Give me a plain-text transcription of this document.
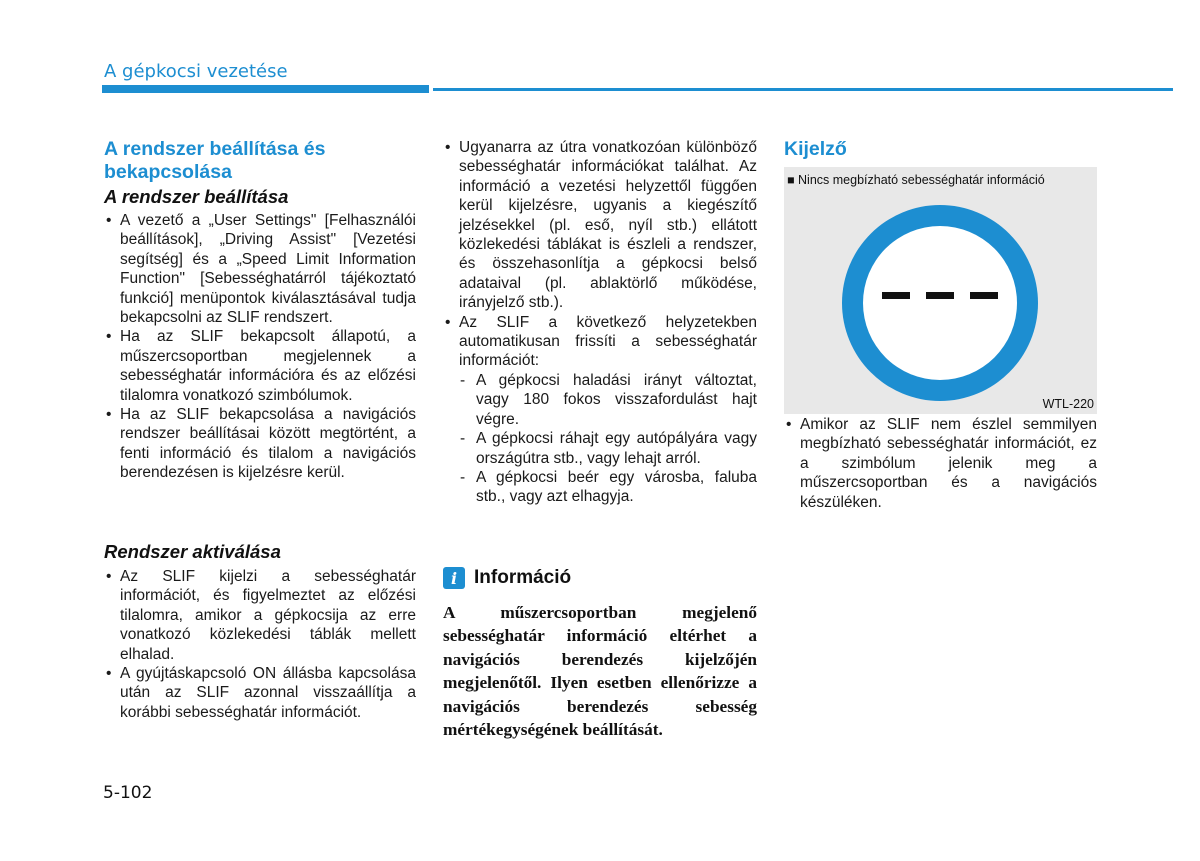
A gépkocsi vezetése
A rendszer beállítása és bekapcsolása
A rendszer beállítása
• A vezető a „User Settings" [Felhasználói beállítások], „Driving Assist" [Vezetési segítség] és a „Speed Limit Information Function" [Sebességhatárról tájékoztató funkció] menüpontok kiválasztásával tudja bekapcsolni az SLIF rendszert.
• Ha az SLIF bekapcsolt állapotú, a műszercsoportban megjelennek a sebességhatár információra és az előzési tilalomra vonatkozó szimbólumok.
• Ha az SLIF bekapcsolása a navigációs rendszer beállításai között megtörtént, a fenti információ és tilalom a navigációs berendezésen is kijelzésre kerül.
Rendszer aktiválása
• Az SLIF kijelzi a sebességhatár információt, és figyelmeztet az előzési tilalomra, amikor a gépkocsija az erre vonatkozó közlekedési táblák mellett elhalad.
• A gyújtáskapcsoló ON állásba kapcsolása után az SLIF azonnal visszaállítja a korábbi sebességhatár információt.
• Ugyanarra az útra vonatkozóan különböző sebességhatár információkat találhat. Az információ a vezetési helyzettől függően kerül kijelzésre, ugyanis a kiegészítő jelzésekkel (pl. eső, nyíl stb.) ellátott közlekedési táblákat is észleli a rendszer, és összehasonlítja a gépkocsi belső adataival (pl. ablaktörlő működése, irányjelző stb.).
• Az SLIF a következő helyzetekben automatikusan frissíti a sebességhatár információt:
- A gépkocsi haladási irányt változtat, vagy 180 fokos visszafordulást hajt végre.
- A gépkocsi ráhajt egy autópályára vagy országútra stb., vagy lehajt arról.
- A gépkocsi beér egy városba, faluba stb., vagy azt elhagyja.
i Információ
A műszercsoportban megjelenő sebességhatár információ eltérhet a navigációs berendezés kijelzőjén megjelenőtől. Ilyen esetben ellenőrizze a navigációs berendezés sebesség mértékegységének beállítását.
Kijelző
■ Nincs megbízható sebességhatár információ
WTL-220
• Amikor az SLIF nem észlel semmilyen megbízható sebességhatár információt, ez a szimbólum jelenik meg a műszercsoportban és a navigációs készüléken.
5-102
